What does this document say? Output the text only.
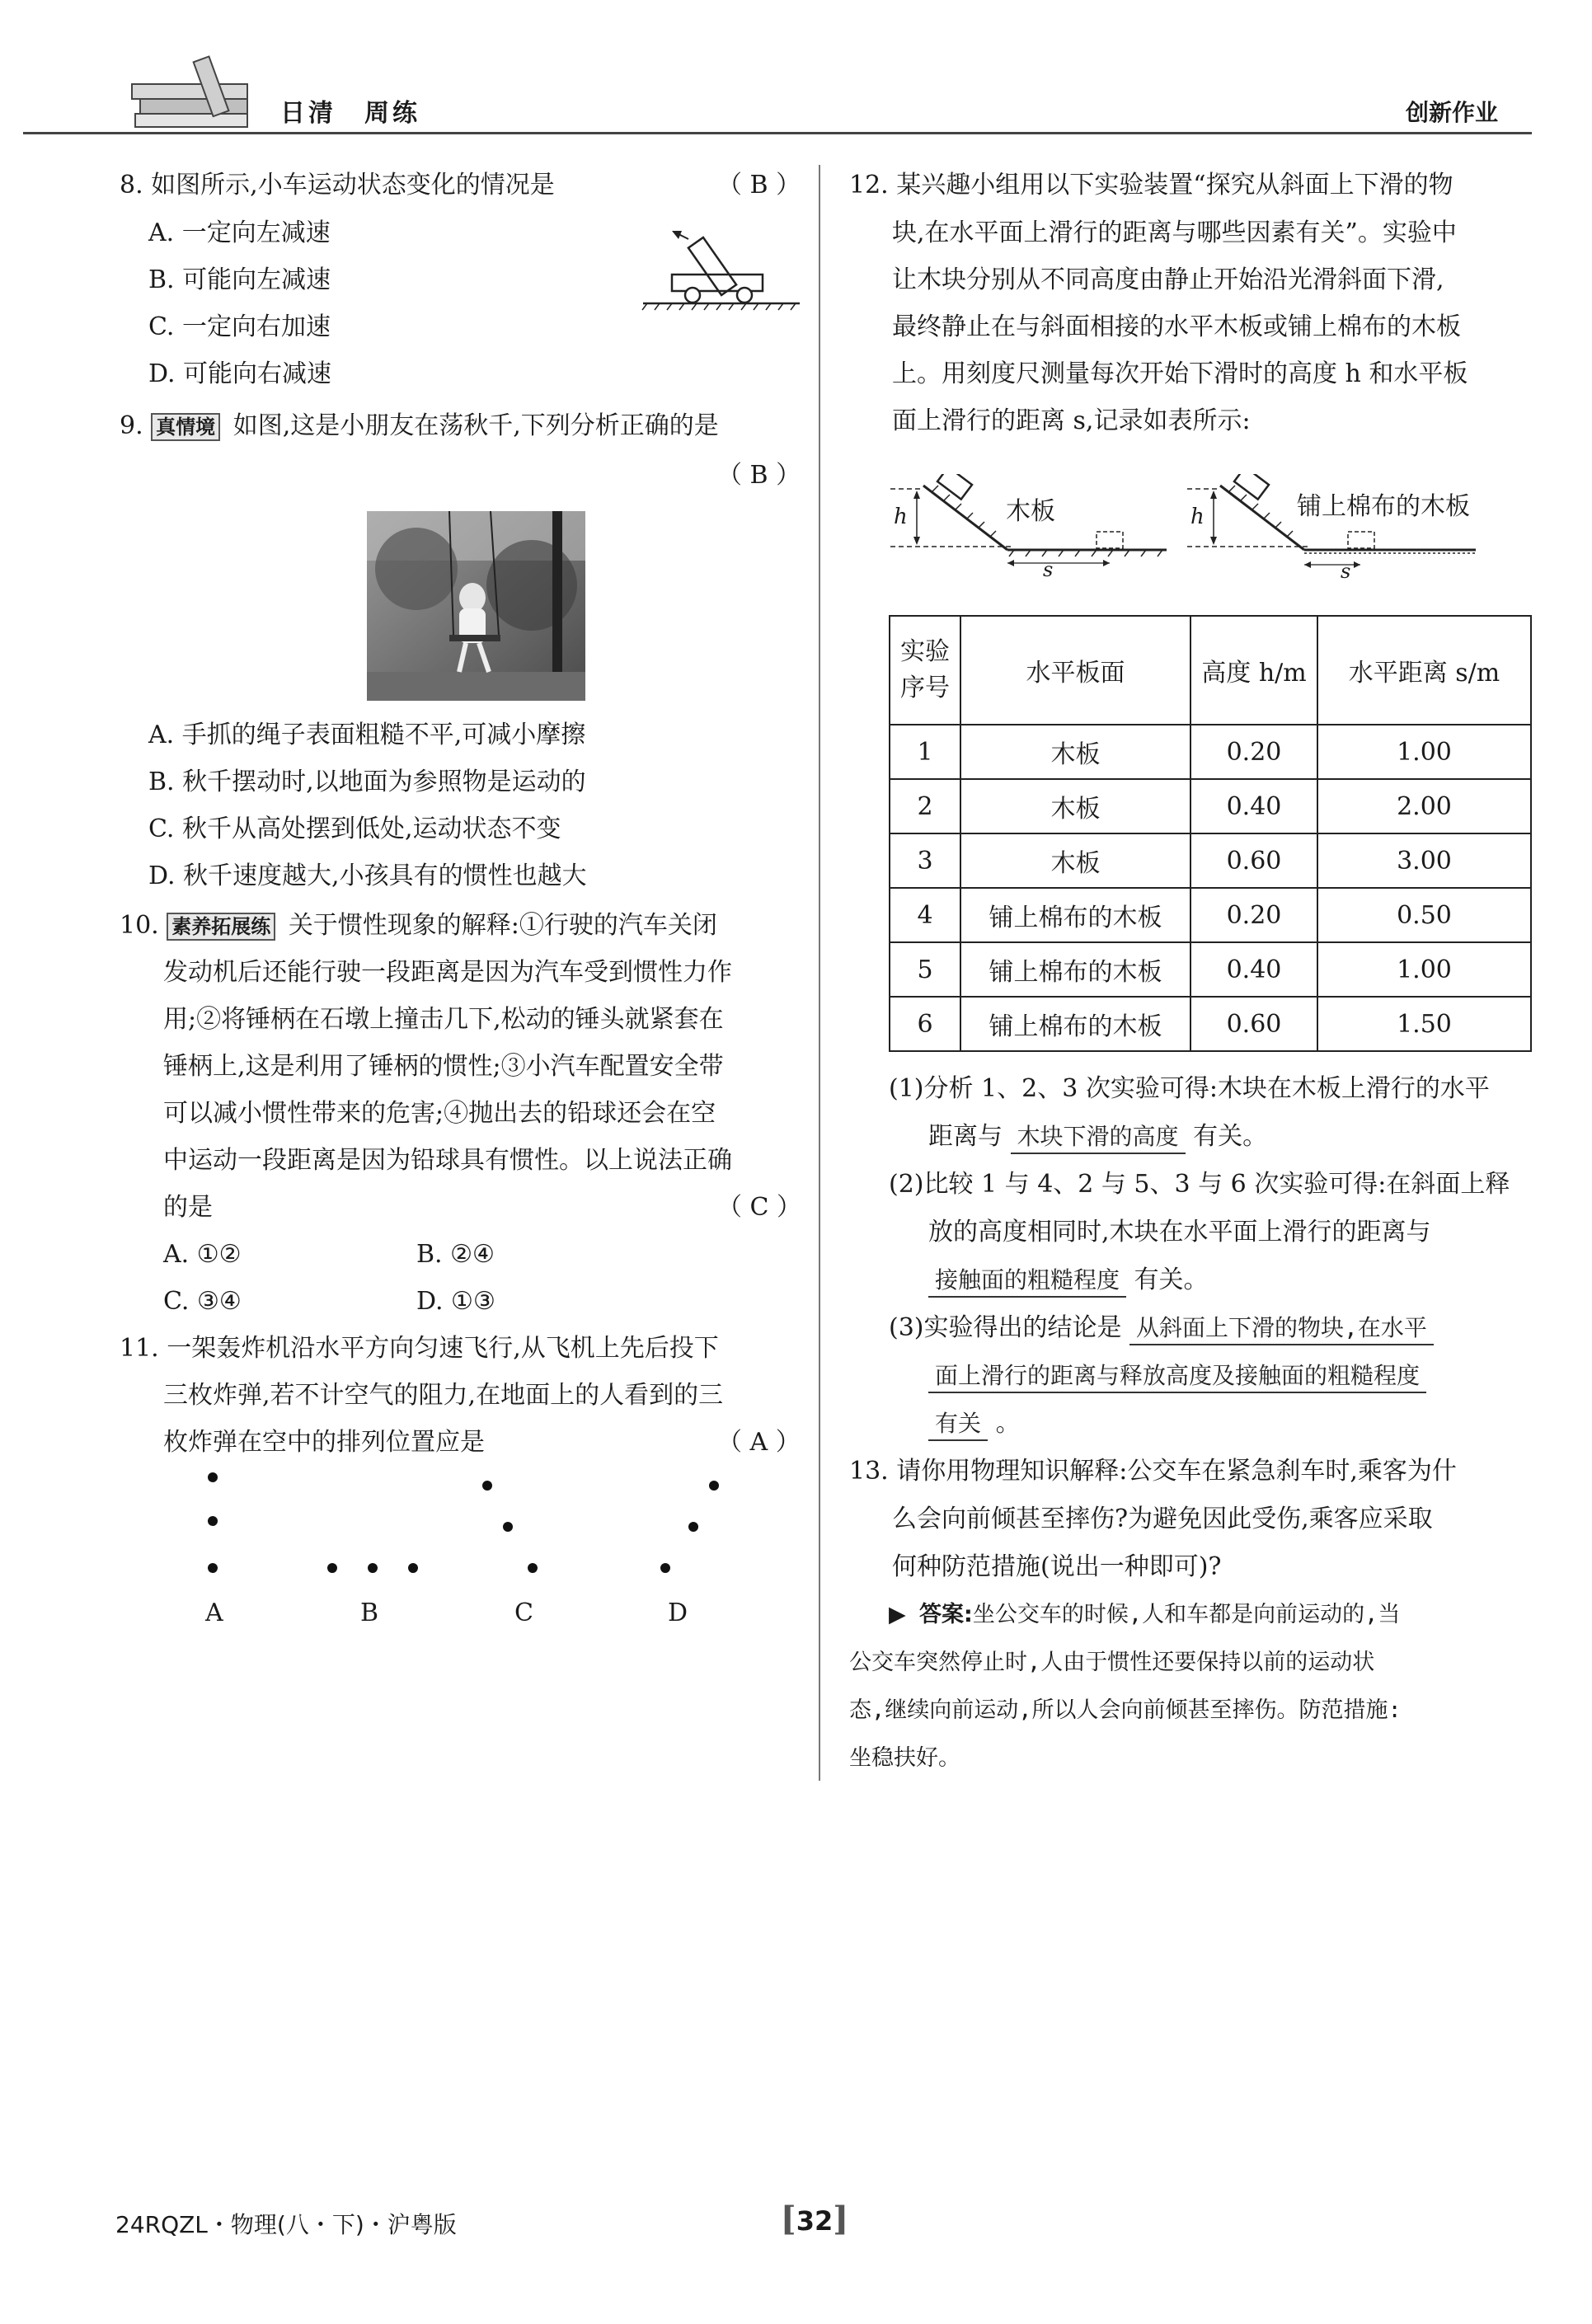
日清　周练	创新作业
8. 如图所示,小车运动状态变化的情况是	（ B ）
A. 一定向左减速
B. 可能向左减速
C. 一定向右加速
D. 可能向右减速
9. 真情境 如图,这是小朋友在荡秋千,下列分析正确的是
（ B ）
A. 手抓的绳子表面粗糙不平,可减小摩擦
B. 秋千摆动时,以地面为参照物是运动的
C. 秋千从高处摆到低处,运动状态不变
D. 秋千速度越大,小孩具有的惯性也越大
10. 素养拓展练 关于惯性现象的解释:①行驶的汽车关闭
发动机后还能行驶一段距离是因为汽车受到惯性力作
用;②将锤柄在石墩上撞击几下,松动的锤头就紧套在
锤柄上,这是利用了锤柄的惯性;③小汽车配置安全带
可以减小惯性带来的危害;④抛出去的铅球还会在空
中运动一段距离是因为铅球具有惯性。以上说法正确
的是	（ C ）
A. ①②	B. ②④
C. ③④	D. ①③
11. 一架轰炸机沿水平方向匀速飞行,从飞机上先后投下
三枚炸弹,若不计空气的阻力,在地面上的人看到的三
枚炸弹在空中的排列位置应是	（ A ）
A	B	C	D
12. 某兴趣小组用以下实验装置“探究从斜面上下滑的物
块,在水平面上滑行的距离与哪些因素有关”。实验中
让木块分别从不同高度由静止开始沿光滑斜面下滑,
最终静止在与斜面相接的水平木板或铺上棉布的木板
上。用刻度尺测量每次开始下滑时的高度 h 和水平板
面上滑行的距离 s,记录如表所示:
h	木板
s
h	铺上棉布的木板
s
实验
序号	水平板面	高度 h/m	水平距离 s/m
1	木板	0.20	1.00
2	木板	0.40	2.00
3	木板	0.60	3.00
4	铺上棉布的木板	0.20	0.50
5	铺上棉布的木板	0.40	1.00
6	铺上棉布的木板	0.60	1.50
(1)分析 1、2、3 次实验可得:木块在木板上滑行的水平
距离与 木块下滑的高度 有关。
(2)比较 1 与 4、2 与 5、3 与 6 次实验可得:在斜面上释
放的高度相同时,木块在水平面上滑行的距离与
接触面的粗糙程度 有关。
(3)实验得出的结论是 从斜面上下滑的物块,在水平
面上滑行的距离与释放高度及接触面的粗糙程度
有关 。
13. 请你用物理知识解释:公交车在紧急刹车时,乘客为什
么会向前倾甚至摔伤?为避免因此受伤,乘客应采取
何种防范措施(说出一种即可)?
▶ 答案:坐公交车的时候,人和车都是向前运动的,当
公交车突然停止时,人由于惯性还要保持以前的运动状
态,继续向前运动,所以人会向前倾甚至摔伤。防范措施:
坐稳扶好。
24RQZL・物理(八・下)・沪粤版	[32]
